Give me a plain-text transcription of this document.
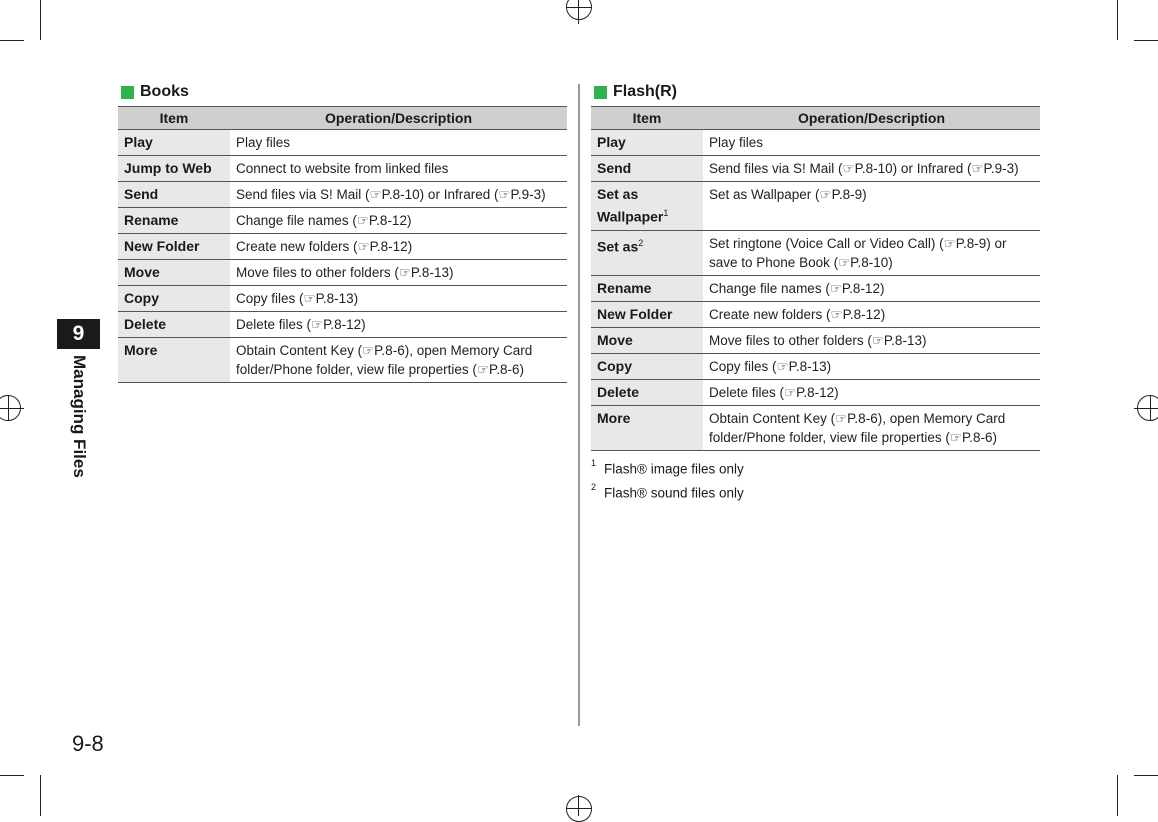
9
Managing Files
9-8
Books
Item	Operation/Description
Play	Play files
Jump to Web	Connect to website from linked files
Send	Send files via S! Mail (☞P.8-10) or Infrared (☞P.9-3)
Rename	Change file names (☞P.8-12)
New Folder	Create new folders (☞P.8-12)
Move	Move files to other folders (☞P.8-13)
Copy	Copy files (☞P.8-13)
Delete	Delete files (☞P.8-12)
More	Obtain Content Key (☞P.8-6), open Memory Card folder/Phone folder, view file properties (☞P.8-6)
Flash(R)
Item	Operation/Description
Play	Play files
Send	Send files via S! Mail (☞P.8-10) or Infrared (☞P.9-3)
Set as Wallpaper$^1$	Set as Wallpaper (☞P.8-9)
Set $as^2$	Set ringtone (Voice Call or Video Call) (☞P.8-9) or save to Phone Book (☞P.8-10)
Rename	Change file names (☞P.8-12)
New Folder	Create new folders (☞P.8-12)
Move	Move files to other folders (☞P.8-13)
Copy	Copy files (☞P.8-13)
Delete	Delete files (☞P.8-12)
More	Obtain Content Key (☞P.8-6), open Memory Card folder/Phone folder, view file properties (☞P.8-6)
$^1$ Flash® image files only
$^2$ Flash® sound files only
